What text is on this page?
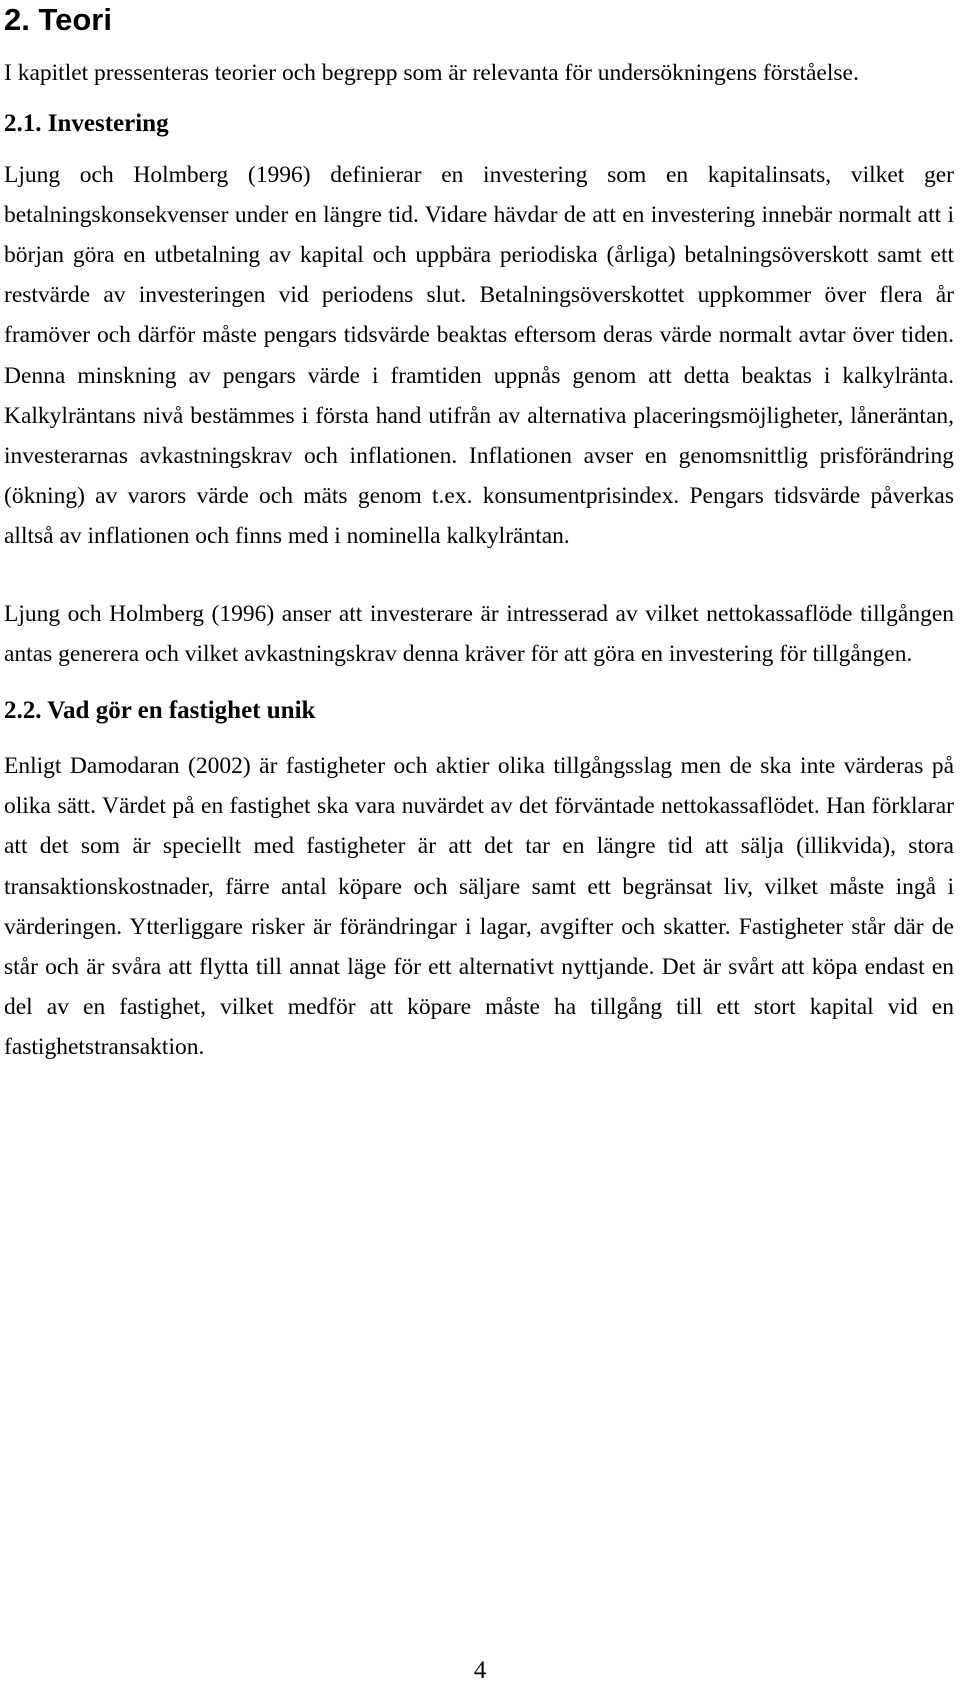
2. Teori

I kapitlet pressenteras teorier och begrepp som är relevanta för undersökningens förståelse.

2.1. Investering

Ljung och Holmberg (1996) definierar en investering som en kapitalinsats, vilket ger betalningskonsekvenser under en längre tid. Vidare hävdar de att en investering innebär normalt att i början göra en utbetalning av kapital och uppbära periodiska (årliga) betalningsöverskott samt ett restvärde av investeringen vid periodens slut. Betalningsöverskottet uppkommer över flera år framöver och därför måste pengars tidsvärde beaktas eftersom deras värde normalt avtar över tiden. Denna minskning av pengars värde i framtiden uppnås genom att detta beaktas i kalkylränta. Kalkylräntans nivå bestämmes i första hand utifrån av alternativa placeringsmöjligheter, låneräntan, investerarnas avkastningskrav och inflationen. Inflationen avser en genomsnittlig prisförändring (ökning) av varors värde och mäts genom t.ex. konsumentprisindex. Pengars tidsvärde påverkas alltså av inflationen och finns med i nominella kalkylräntan.

Ljung och Holmberg (1996) anser att investerare är intresserad av vilket nettokassaflöde tillgången antas generera och vilket avkastningskrav denna kräver för att göra en investering för tillgången.

2.2. Vad gör en fastighet unik

Enligt Damodaran (2002) är fastigheter och aktier olika tillgångsslag men de ska inte värderas på olika sätt. Värdet på en fastighet ska vara nuvärdet av det förväntade nettokassaflödet. Han förklarar att det som är speciellt med fastigheter är att det tar en längre tid att sälja (illikvida), stora transaktionskostnader, färre antal köpare och säljare samt ett begränsat liv, vilket måste ingå i värderingen. Ytterliggare risker är förändringar i lagar, avgifter och skatter. Fastigheter står där de står och är svåra att flytta till annat läge för ett alternativt nyttjande. Det är svårt att köpa endast en del av en fastighet, vilket medför att köpare måste ha tillgång till ett stort kapital vid en fastighetstransaktion.

4
